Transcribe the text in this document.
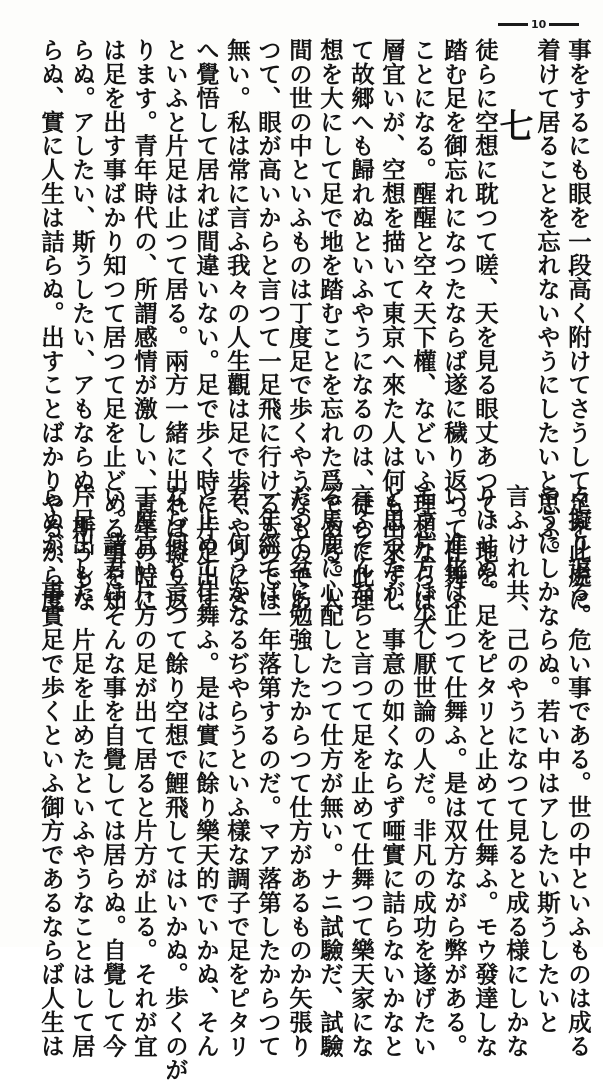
10
七 事をするにも眼を一段高く附けてさうして足を此處に
着けて居ることを忘れないやうにしたいと思ふ。
徒らに空想に耽つて嗟、天を見る眼丈あつて、地を
踏む足を御忘れになつたならば遂に穢り返つて仕舞ふ
ことになる。醒醒と空々天下權、などいふ理想ならば大
層宜いが、空想を描いて東京へ來た人は何も出來ずし
て故郷へも歸れぬといふやうになるのは、徒らに此理
想を大にして足で地を踏むことを忘れた爲である。人
間の世の中といふものは丁度足で歩くやうなものであ
つて、眼が高いからと言つて一足飛に行けるものでは
無い。私は常に言ふ我々の人生觀は足で歩くやうにさ
へ覺悟して居れば間違いない。足で歩く時に片足出す
といふと片足は止つて居る。兩方一緒に出れば擬り返
ります。青年時代の、所謂感情が激しい、青年の時に
は足を出す事ばかり知つて居つて足を止どめる事を知
らぬ。アしたい、斯うしたい、アもならぬ、斯うもな
らぬ、實に人生は詰らぬ。出すことばかりやるから度
々擬り返る。危い事である。世の中といふものは成る
やうにしかならぬ。若い中はアしたい斯うしたいと
言ふけれ共、己のやうになつて見ると成る様にしかな
りはせぬ。足をピタリと止めて仕舞ふ。モウ發達しな
い。進化は止つて仕舞ふ。是は双方ながら弊がある。
モウ片方は少し厭世論の人だ。非凡の成功を遂げたい
と思つたが、事意の如くならず唖實に詰らないかなと
言ふそんならと言つて足を止めて仕舞つて樂天家にな
る馬鹿に心配したつて仕方が無い。ナニ試驗だ、試驗
だつて盆に勉強したからつて仕方があるものか矢張り
一年經てば一年落第するのだ。マア落第したからつて
君、何うかなるぢやらうといふ樣な調子で足をピタリ
と止めて仕舞ふ。是は實に餘り樂天的でいかぬ、そん
なら何と言つて餘り空想で鯉飛してはいかぬ。歩くのが
丁度宜い片方の足が出て居ると片方が止る。それが宜
い。諸君はそんな事を自覺しては居らぬ。自覺して今
片足出した、片足を止めたといふやうなことはして居
らぬが、事實足で歩くといふ御方であるならば人生は
